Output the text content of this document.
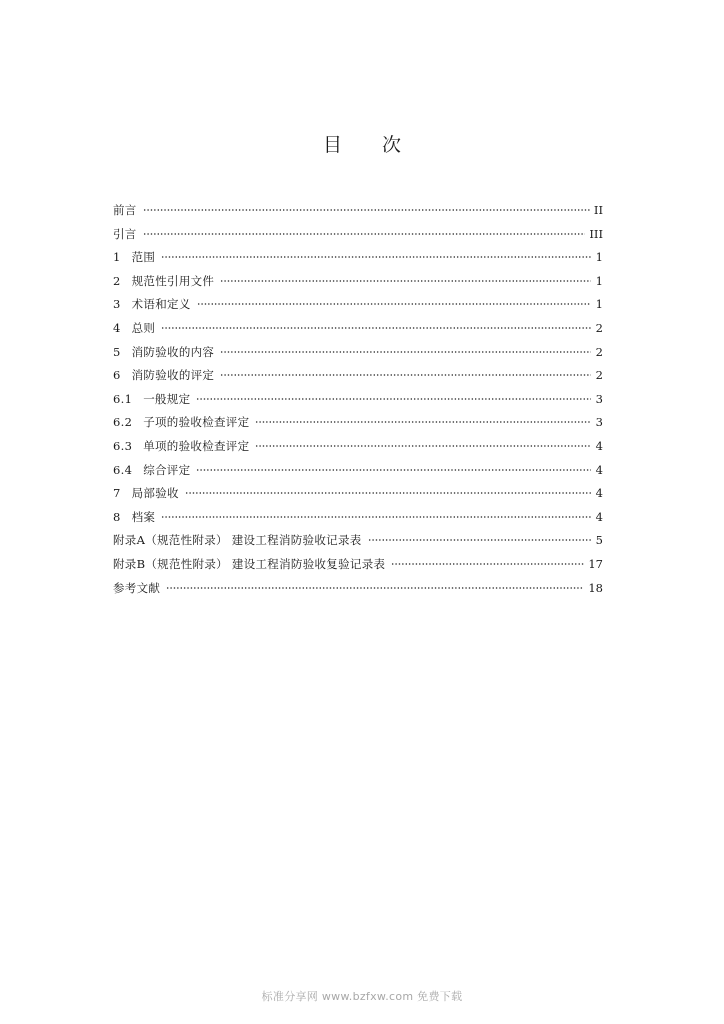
目 次
前言	II
引言	III
1 范围	1
2 规范性引用文件	1
3 术语和定义	1
4 总则	2
5 消防验收的内容	2
6 消防验收的评定	2
6.1 一般规定	3
6.2 子项的验收检查评定	3
6.3 单项的验收检查评定	4
6.4 综合评定	4
7 局部验收	4
8 档案	4
附录A（规范性附录） 建设工程消防验收记录表	5
附录B（规范性附录） 建设工程消防验收复验记录表	17
参考文献	18
标准分享网 www.bzfxw.com 免费下载
